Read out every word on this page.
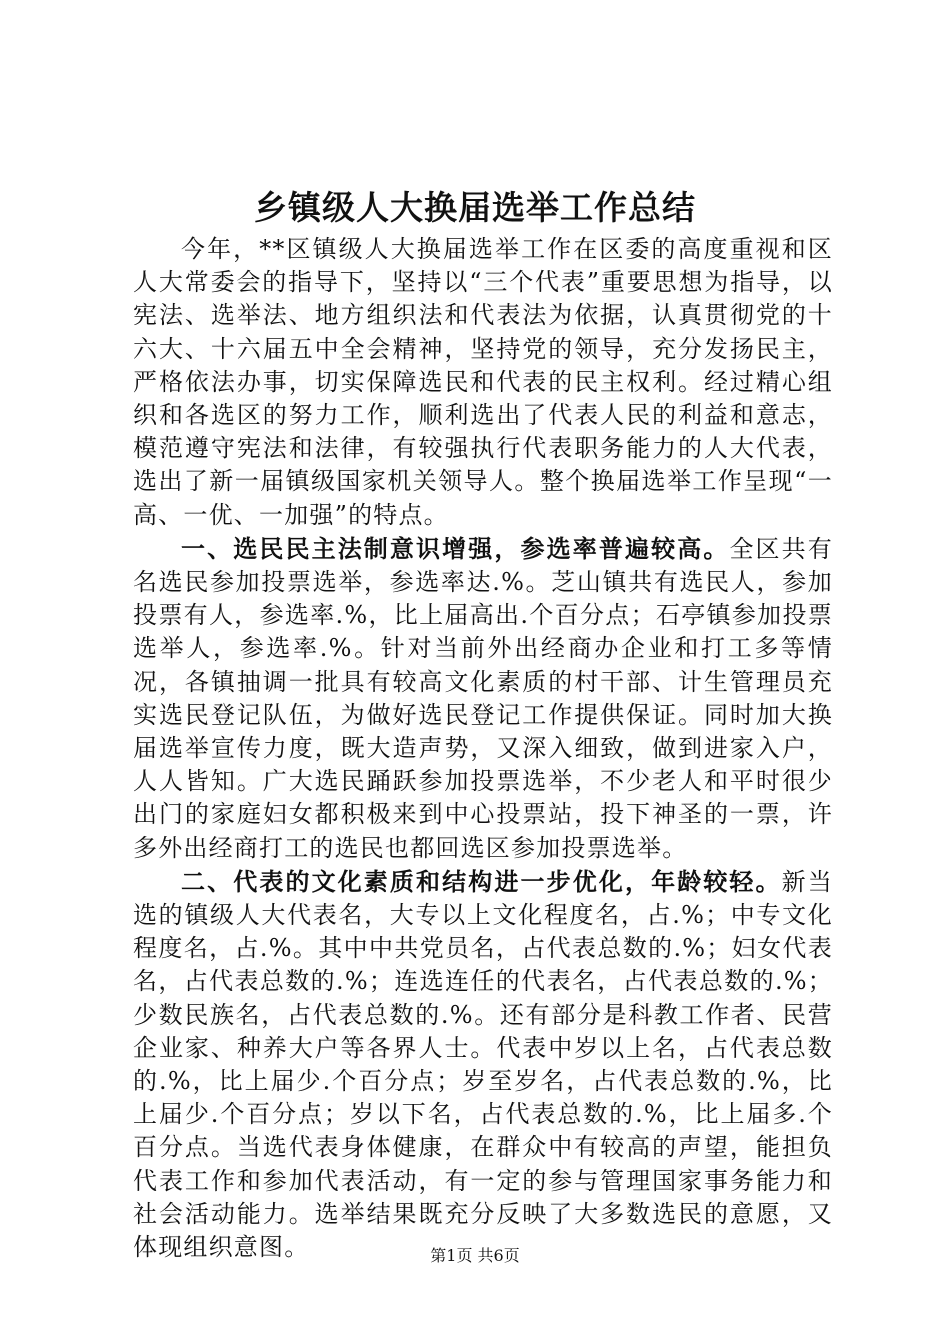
乡镇级人大换届选举工作总结

今年，**区镇级人大换届选举工作在区委的高度重视和区人大常委会的指导下，坚持以“三个代表”重要思想为指导，以宪法、选举法、地方组织法和代表法为依据，认真贯彻党的十六大、十六届五中全会精神，坚持党的领导，充分发扬民主，严格依法办事，切实保障选民和代表的民主权利。经过精心组织和各选区的努力工作，顺利选出了代表人民的利益和意志，模范遵守宪法和法律，有较强执行代表职务能力的人大代表，选出了新一届镇级国家机关领导人。整个换届选举工作呈现“一高、一优、一加强”的特点。

一、选民民主法制意识增强，参选率普遍较高。全区共有名选民参加投票选举，参选率达.%。芝山镇共有选民人，参加投票有人，参选率.%，比上届高出.个百分点；石亭镇参加投票选举人，参选率.%。针对当前外出经商办企业和打工多等情况，各镇抽调一批具有较高文化素质的村干部、计生管理员充实选民登记队伍，为做好选民登记工作提供保证。同时加大换届选举宣传力度，既大造声势，又深入细致，做到进家入户，人人皆知。广大选民踊跃参加投票选举，不少老人和平时很少出门的家庭妇女都积极来到中心投票站，投下神圣的一票，许多外出经商打工的选民也都回选区参加投票选举。

二、代表的文化素质和结构进一步优化，年龄较轻。新当选的镇级人大代表名，大专以上文化程度名，占.%；中专文化程度名，占.%。其中中共党员名，占代表总数的.%；妇女代表名，占代表总数的.%；连选连任的代表名，占代表总数的.%；少数民族名，占代表总数的.%。还有部分是科教工作者、民营企业家、种养大户等各界人士。代表中岁以上名，占代表总数的.%，比上届少.个百分点；岁至岁名，占代表总数的.%，比上届少.个百分点；岁以下名，占代表总数的.%，比上届多.个百分点。当选代表身体健康，在群众中有较高的声望，能担负代表工作和参加代表活动，有一定的参与管理国家事务能力和社会活动能力。选举结果既充分反映了大多数选民的意愿，又体现组织意图。	第1页 共6页
